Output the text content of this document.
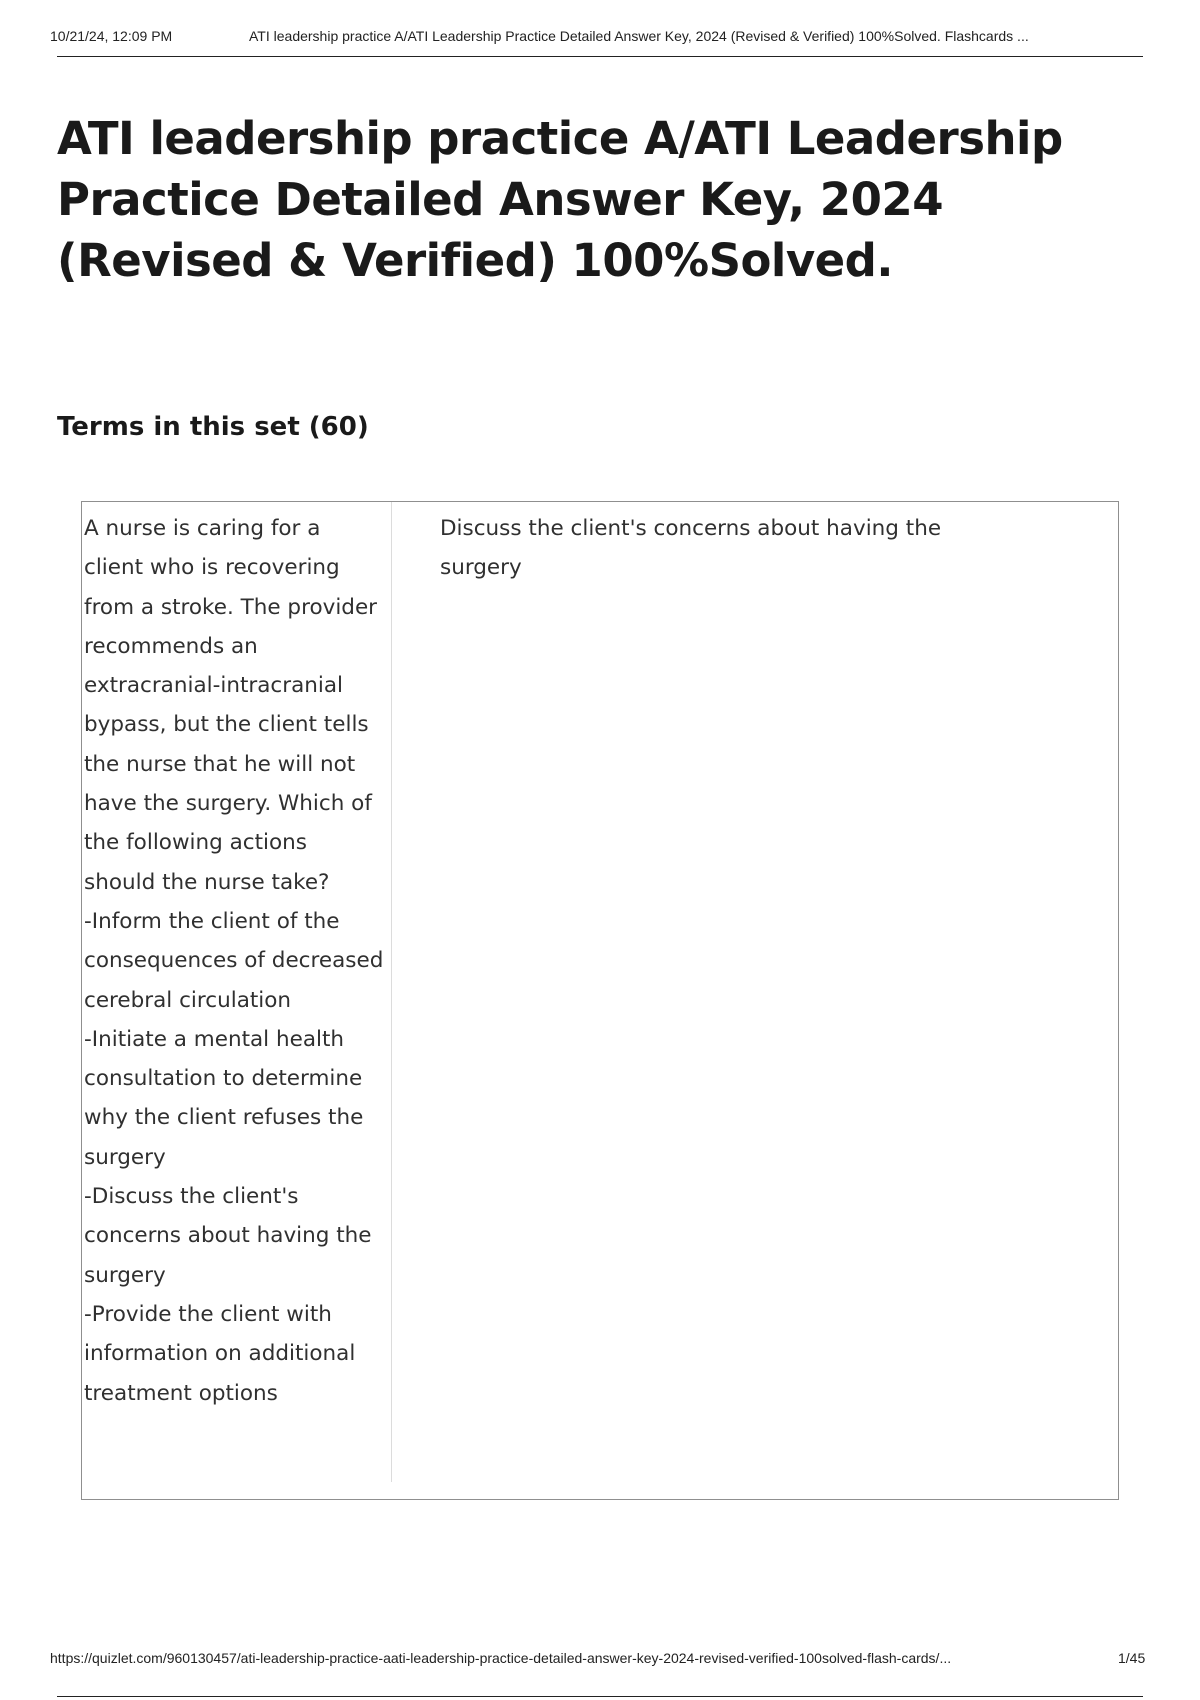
10/21/24, 12:09 PM	ATI leadership practice A/ATI Leadership Practice Detailed Answer Key, 2024 (Revised & Verified) 100%Solved. Flashcards ...
ATI leadership practice A/ATI Leadership Practice Detailed Answer Key, 2024 (Revised & Verified) 100%Solved.
Terms in this set (60)
A nurse is caring for a client who is recovering from a stroke. The provider recommends an extracranial-intracranial bypass, but the client tells the nurse that he will not have the surgery. Which of the following actions should the nurse take?
-Inform the client of the consequences of decreased cerebral circulation
-Initiate a mental health consultation to determine why the client refuses the surgery
-Discuss the client's concerns about having the surgery
-Provide the client with information on additional treatment options
Discuss the client's concerns about having the surgery
https://quizlet.com/960130457/ati-leadership-practice-aati-leadership-practice-detailed-answer-key-2024-revised-verified-100solved-flash-cards/...	1/45
